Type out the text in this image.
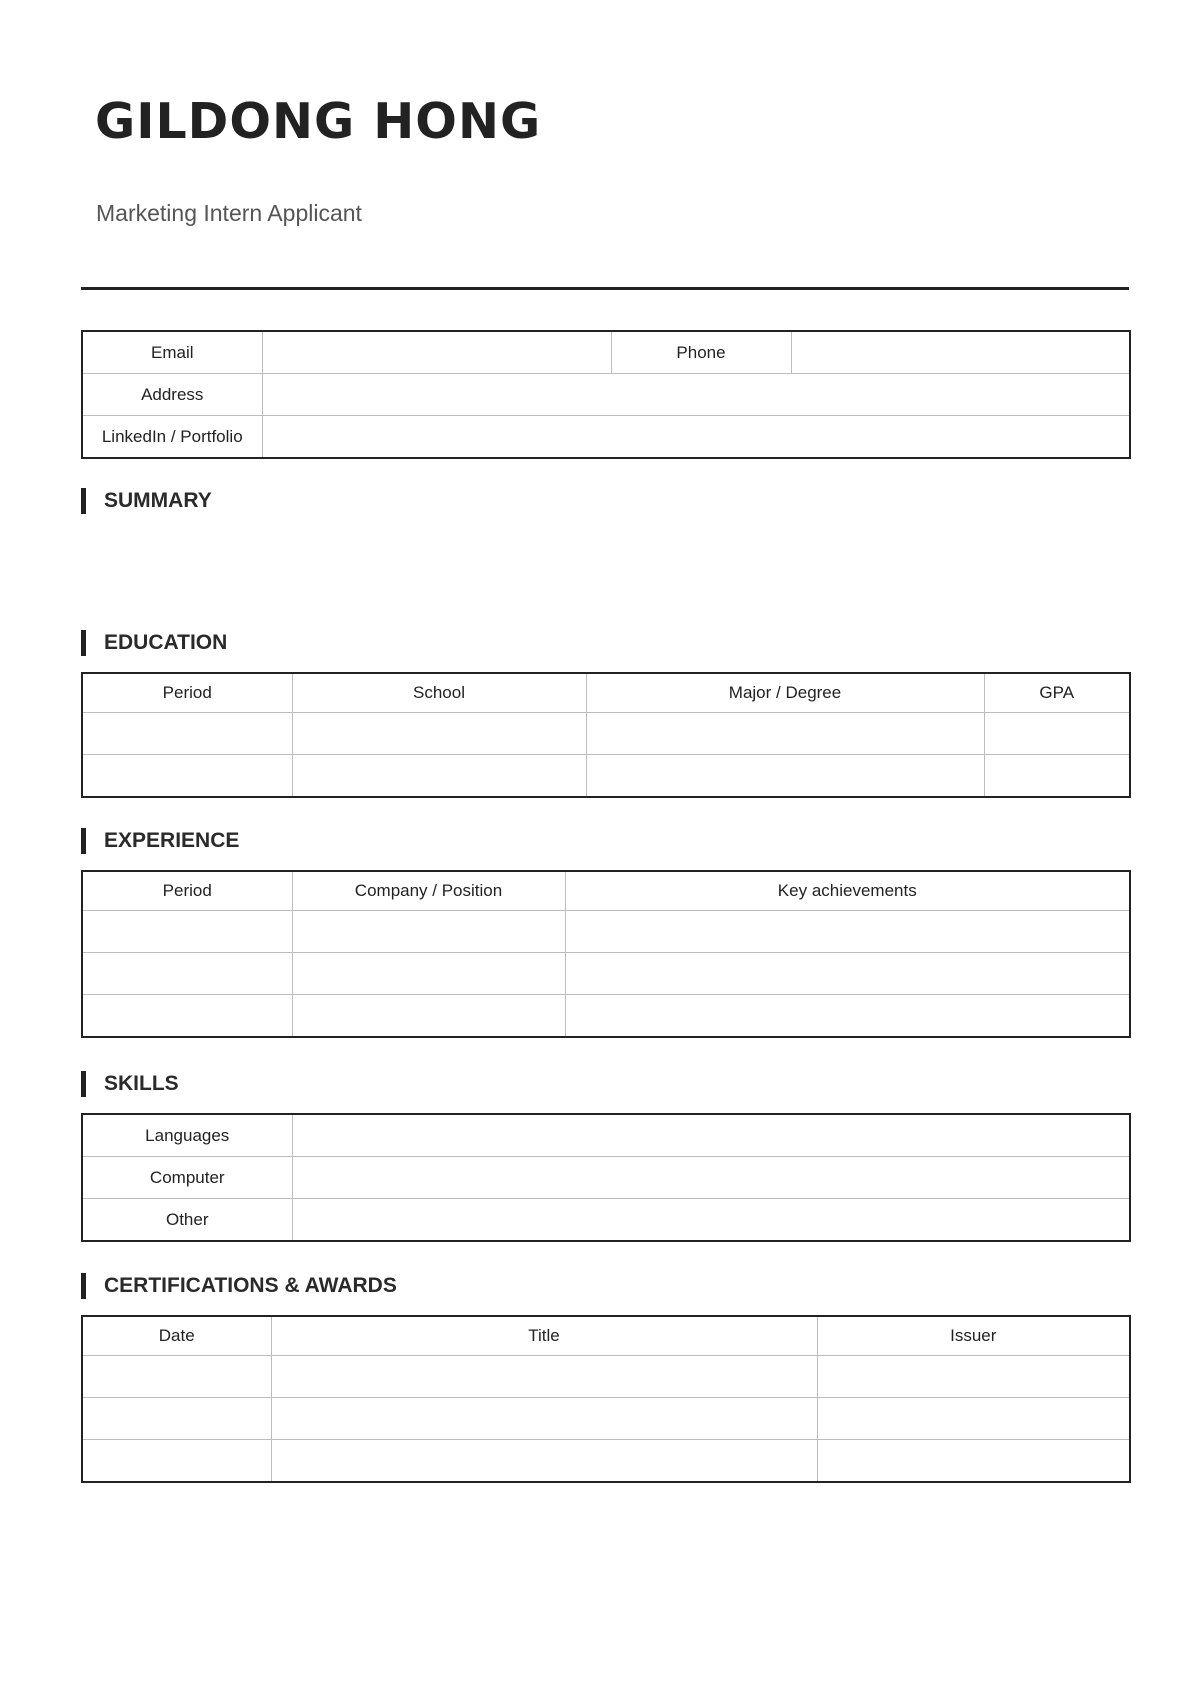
GILDONG HONG

Marketing Intern Applicant

Email		Phone	
Address			
LinkedIn / Portfolio			
SUMMARY
EDUCATION
Period	School	Major / Degree	GPA

EXPERIENCE
Period	Company / Position	Key achievements

SKILLS
Languages	
Computer	
Other	
CERTIFICATIONS & AWARDS
Date	Title	Issuer
